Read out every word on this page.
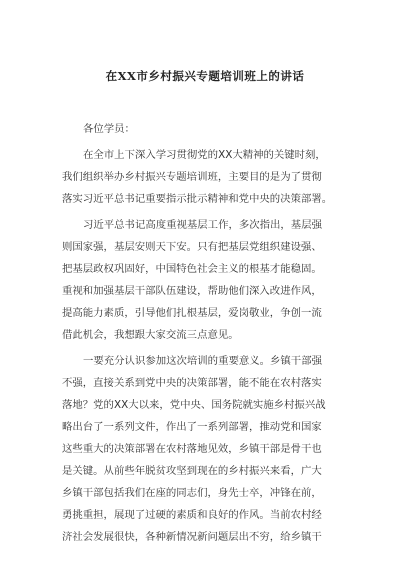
在XX市乡村振兴专题培训班上的讲话
各位学员：
在全市上下深入学习贯彻党的XX大精神的关键时刻，
我们组织举办乡村振兴专题培训班，主要目的是为了贯彻
落实习近平总书记重要指示批示精神和党中央的决策部署。
习近平总书记高度重视基层工作，多次指出，基层强
则国家强，基层安则天下安。只有把基层党组织建设强、
把基层政权巩固好，中国特色社会主义的根基才能稳固。
重视和加强基层干部队伍建设，帮助他们深入改进作风，
提高能力素质，引导他们扎根基层，爱岗敬业，争创一流
借此机会，我想跟大家交流三点意见。
一要充分认识参加这次培训的重要意义。乡镇干部强
不强，直接关系到党中央的决策部署，能不能在农村落实
落地？党的XX大以来，党中央、国务院就实施乡村振兴战
略出台了一系列文件，作出了一系列部署，推动党和国家
这些重大的决策部署在农村落地见效，乡镇干部是骨干也
是关键。从前些年脱贫攻坚到现在的乡村振兴来看，广大
乡镇干部包括我们在座的同志们，身先士卒，冲锋在前，
勇挑重担，展现了过硬的素质和良好的作风。当前农村经
济社会发展很快，各种新情况新问题层出不穷，给乡镇干
